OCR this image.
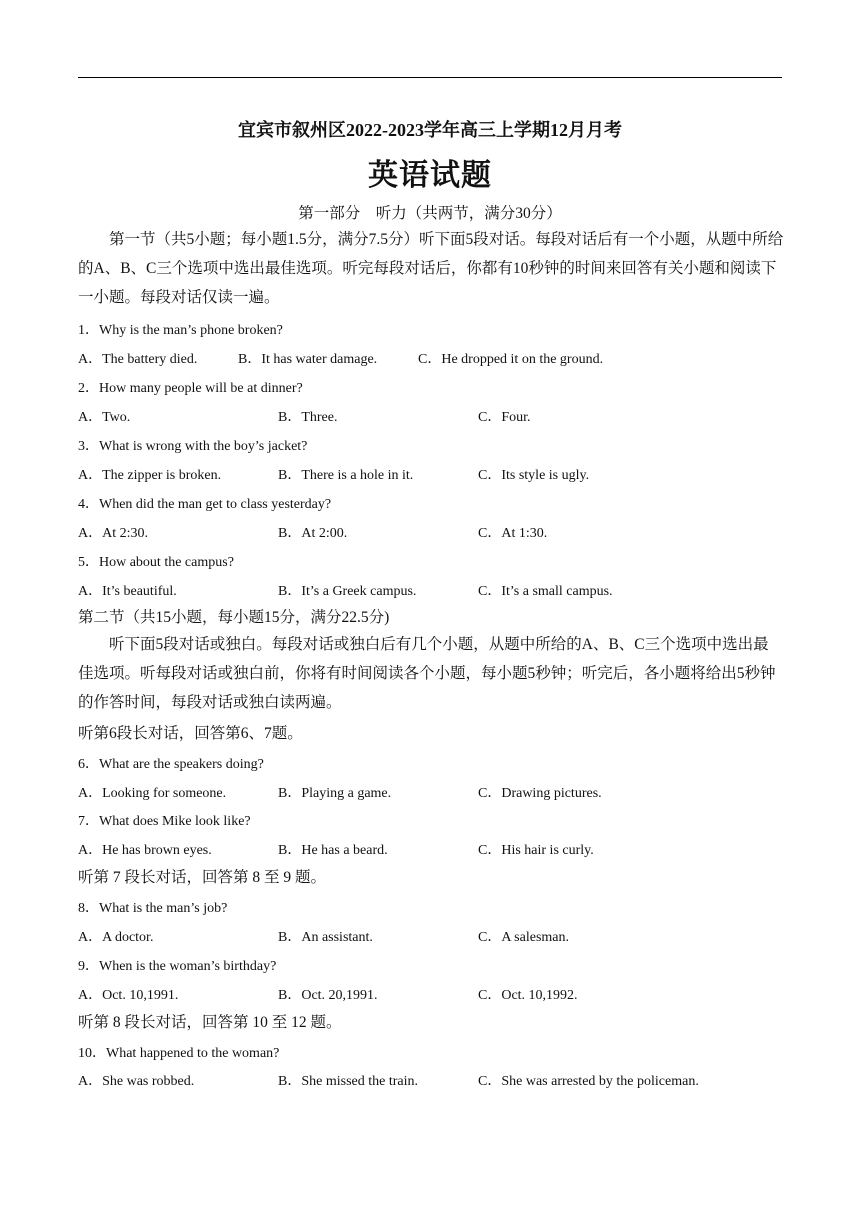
宜宾市叙州区2022-2023学年高三上学期12月月考
英语试题
第一部分　听力（共两节，满分30分）

第一节（共5小题；每小题1.5分，满分7.5分）听下面5段对话。每段对话后有一个小题，从题中所给的A、B、C三个选项中选出最佳选项。听完每段对话后，你都有10秒钟的时间来回答有关小题和阅读下一小题。每段对话仅读一遍。

1．Why is the man’s phone broken?
A．The battery died.	B．It has water damage.	C．He dropped it on the ground.
2．How many people will be at dinner?
A．Two.	B．Three.	C．Four.
3．What is wrong with the boy’s jacket?
A．The zipper is broken.	B．There is a hole in it.	C．Its style is ugly.
4．When did the man get to class yesterday?
A．At 2:30.	B．At 2:00.	C．At 1:30.
5．How about the campus?
A．It’s beautiful.	B．It’s a Greek campus.	C．It’s a small campus.
第二节（共15小题，每小题15分，满分22.5分)

听下面5段对话或独白。每段对话或独白后有几个小题，从题中所给的A、B、C三个选项中选出最佳选项。听每段对话或独白前，你将有时间阅读各个小题，每小题5秒钟；听完后，各小题将给出5秒钟的作答时间，每段对话或独白读两遍。

听第6段长对话，回答第6、7题。
6．What are the speakers doing?
A．Looking for someone.	B．Playing a game.	C．Drawing pictures.
7．What does Mike look like?
A．He has brown eyes.	B．He has a beard.	C．His hair is curly.
听第 7 段长对话，回答第 8 至 9 题。
8．What is the man’s job?
A．A doctor.	B．An assistant.	C．A salesman.
9．When is the woman’s birthday?
A．Oct. 10,1991.	B．Oct. 20,1991.	C．Oct. 10,1992.
听第 8 段长对话，回答第 10 至 12 题。
10．What happened to the woman?
A．She was robbed.	B．She missed the train.	C．She was arrested by the policeman.
